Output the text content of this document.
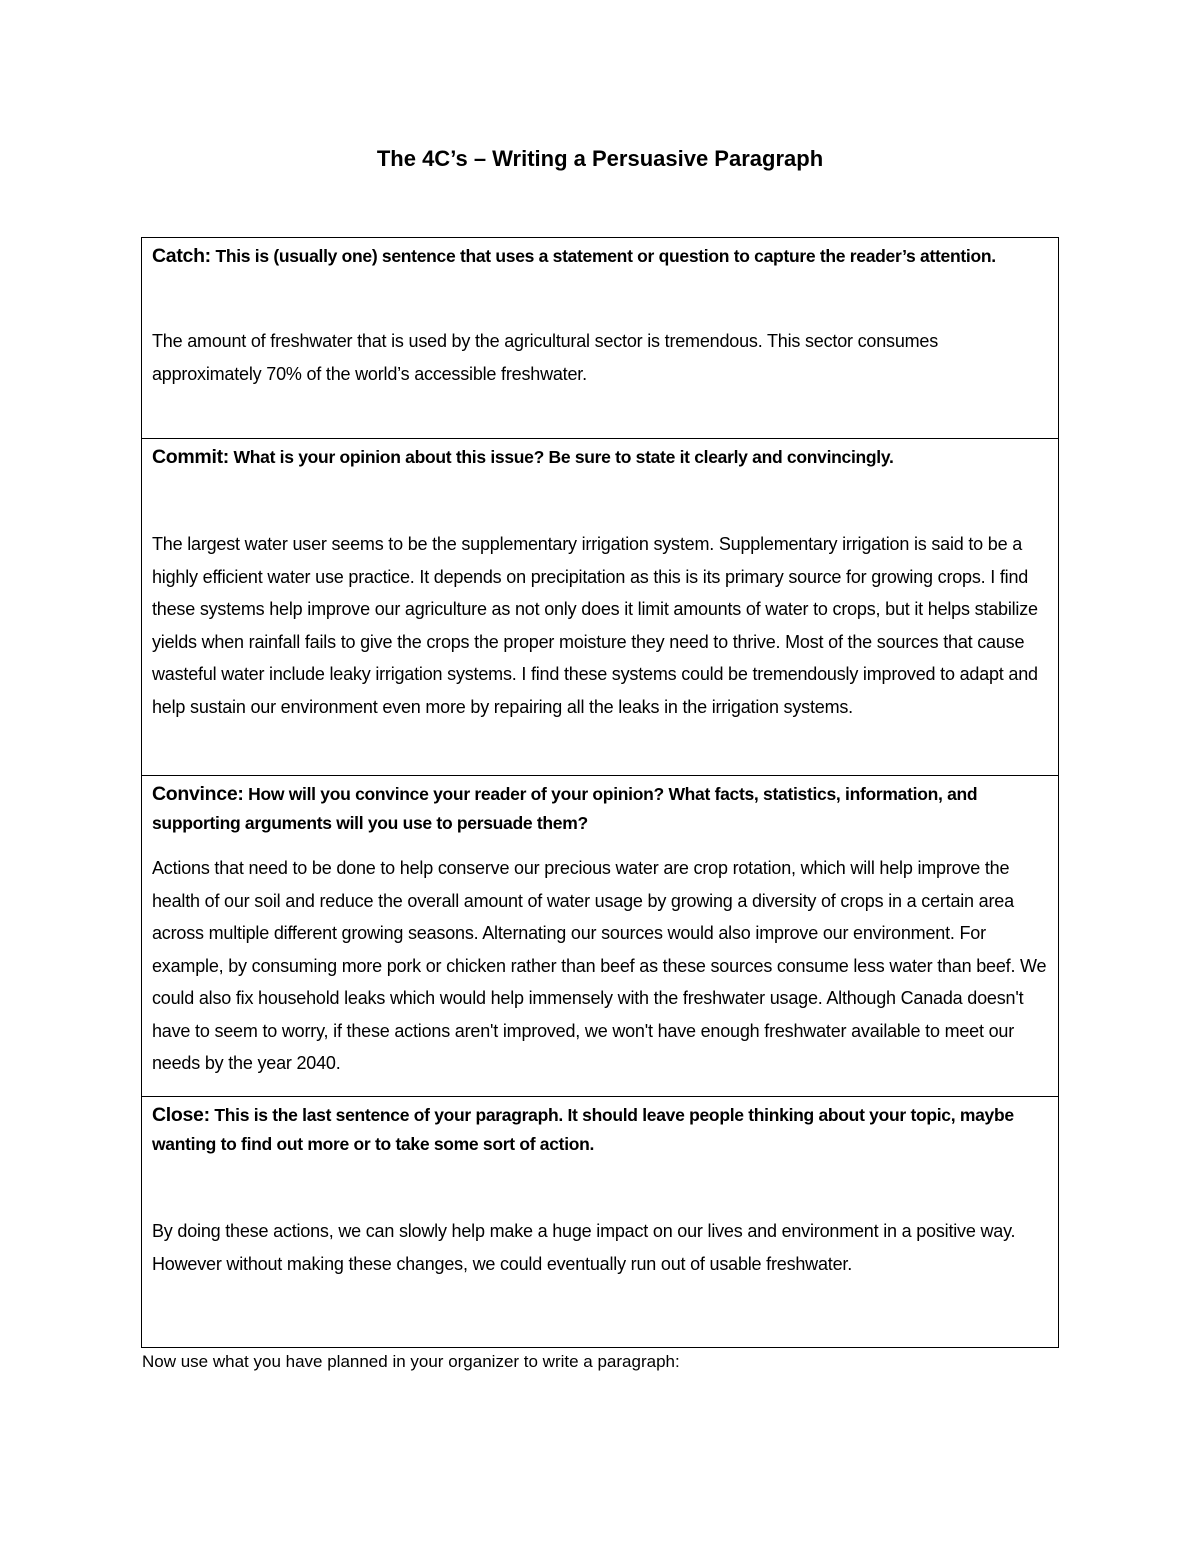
The 4C’s – Writing a Persuasive Paragraph
Catch: This is (usually one) sentence that uses a statement or question to capture the reader’s attention.
The amount of freshwater that is used by the agricultural sector is tremendous. This sector consumes approximately 70% of the world’s accessible freshwater.

Commit: What is your opinion about this issue? Be sure to state it clearly and convincingly.
The largest water user seems to be the supplementary irrigation system. Supplementary irrigation is said to be a highly efficient water use practice. It depends on precipitation as this is its primary source for growing crops. I find these systems help improve our agriculture as not only does it limit amounts of water to crops, but it helps stabilize yields when rainfall fails to give the crops the proper moisture they need to thrive. Most of the sources that cause wasteful water include leaky irrigation systems. I find these systems could be tremendously improved to adapt and help sustain our environment even more by repairing all the leaks in the irrigation systems.

Convince: How will you convince your reader of your opinion? What facts, statistics, information, and supporting arguments will you use to persuade them?
Actions that need to be done to help conserve our precious water are crop rotation, which will help improve the health of our soil and reduce the overall amount of water usage by growing a diversity of crops in a certain area across multiple different growing seasons. Alternating our sources would also improve our environment. For example, by consuming more pork or chicken rather than beef as these sources consume less water than beef. We could also fix household leaks which would help immensely with the freshwater usage. Although Canada doesn't have to seem to worry, if these actions aren't improved, we won't have enough freshwater available to meet our needs by the year 2040.

Close: This is the last sentence of your paragraph. It should leave people thinking about your topic, maybe wanting to find out more or to take some sort of action.
By doing these actions, we can slowly help make a huge impact on our lives and environment in a positive way. However without making these changes, we could eventually run out of usable freshwater.
Now use what you have planned in your organizer to write a paragraph:
